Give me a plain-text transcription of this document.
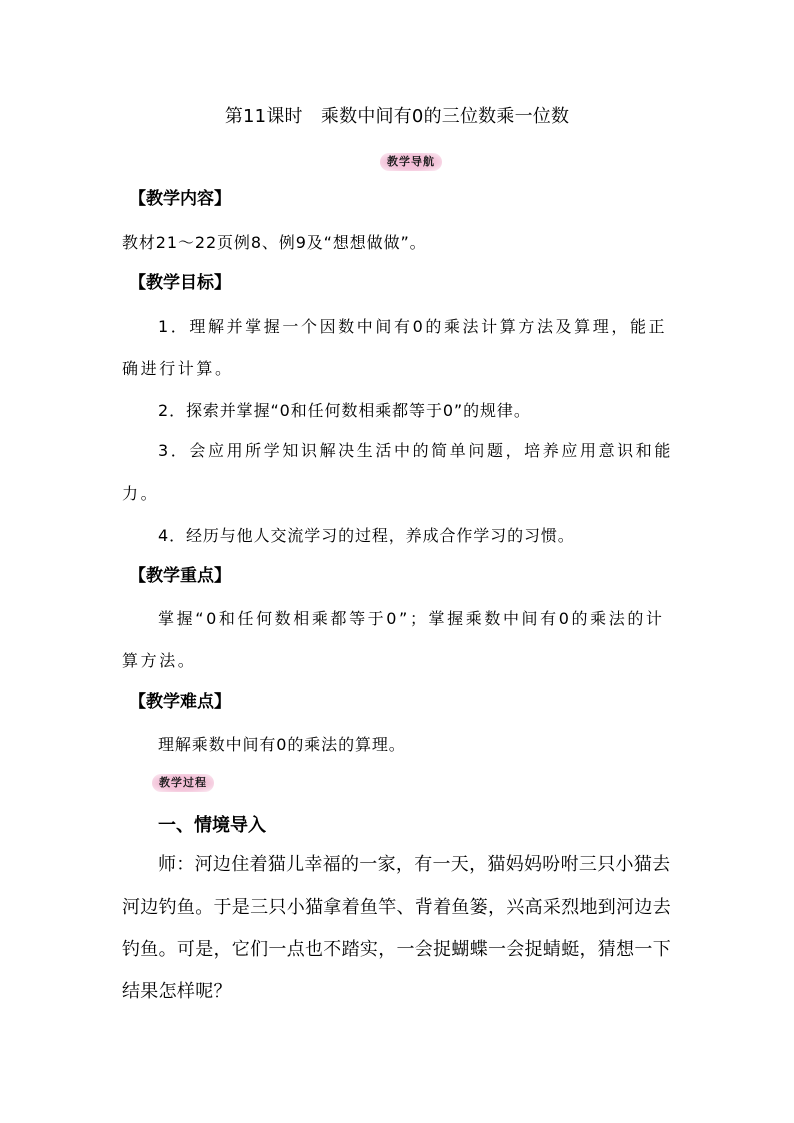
第11课时　乘数中间有0的三位数乘一位数
教学导航
【教学内容】
教材21～22页例8、例9及“想想做做”。
【教学目标】
1．理解并掌握一个因数中间有0的乘法计算方法及算理，能正
确进行计算。
2．探索并掌握“0和任何数相乘都等于0”的规律。
3．会应用所学知识解决生活中的简单问题，培养应用意识和能
力。
4．经历与他人交流学习的过程，养成合作学习的习惯。
【教学重点】
掌握“0和任何数相乘都等于0”；掌握乘数中间有0的乘法的计
算方法。
【教学难点】
理解乘数中间有0的乘法的算理。
教学过程
一、情境导入
师：河边住着猫儿幸福的一家，有一天，猫妈妈吩咐三只小猫去
河边钓鱼。于是三只小猫拿着鱼竿、背着鱼篓，兴高采烈地到河边去
钓鱼。可是，它们一点也不踏实，一会捉蝴蝶一会捉蜻蜓，猜想一下
结果怎样呢？
